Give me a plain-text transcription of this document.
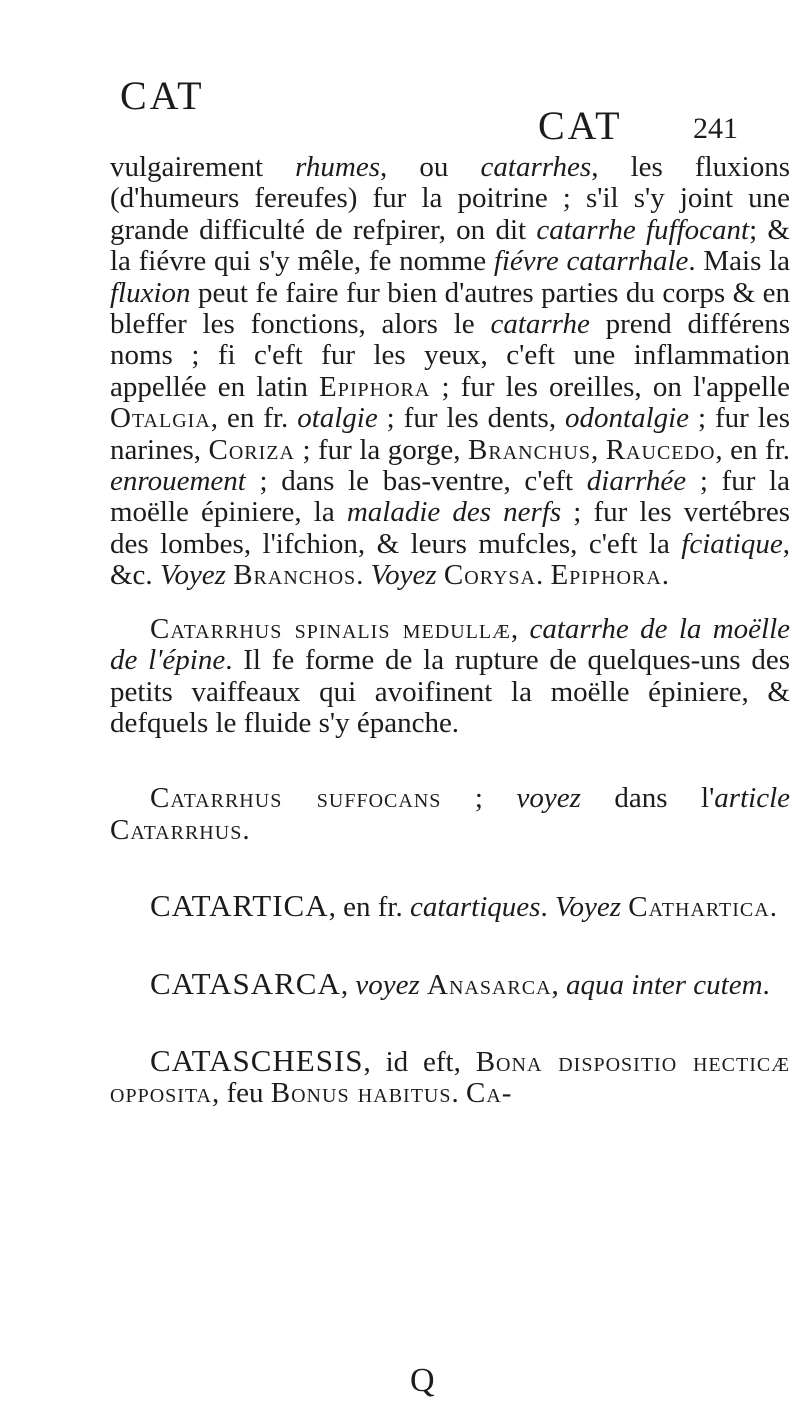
CAT
CAT 241

vulgairement rhumes, ou catarrhes, les fluxions (d'humeurs fereufes) fur la poitrine ; s'il s'y joint une grande difficulté de refpirer, on dit catarrhe fuffocant; & la fiévre qui s'y mêle, fe nomme fiévre catarrhale. Mais la fluxion peut fe faire fur bien d'autres parties du corps & en bleffer les fonctions, alors le catarrhe prend différens noms ; fi c'eft fur les yeux, c'eft une inflammation appellée en latin Epiphora ; fur les oreilles, on l'appelle Otalgia, en fr. otalgie ; fur les dents, odontalgie ; fur les narines, Coriza ; fur la gorge, Branchus, Raucedo, en fr. enrouement ; dans le bas-ventre, c'eft diarrhée ; fur la moëlle épiniere, la maladie des nerfs ; fur les vertébres des lombes, l'ifchion, & leurs mufcles, c'eft la fciatique, &c. Voyez Branchos. Voyez Corysa. Epiphora.

Catarrhus spinalis medullæ, catarrhe de la moëlle de l'épine. Il fe forme de la rupture de quelques-uns des petits vaiffeaux qui avoifinent la moëlle épiniere, & defquels le fluide s'y épanche.

Catarrhus suffocans ; voyez dans l'article Catarrhus.

CATARTICA, en fr. catartiques. Voyez Cathartica.

CATASARCA, voyez Anasarca, aqua inter cutem.

CATASCHESIS, id eft, Bona dispositio hecticæ opposita, feu Bonus habitus. Ca-

Q
